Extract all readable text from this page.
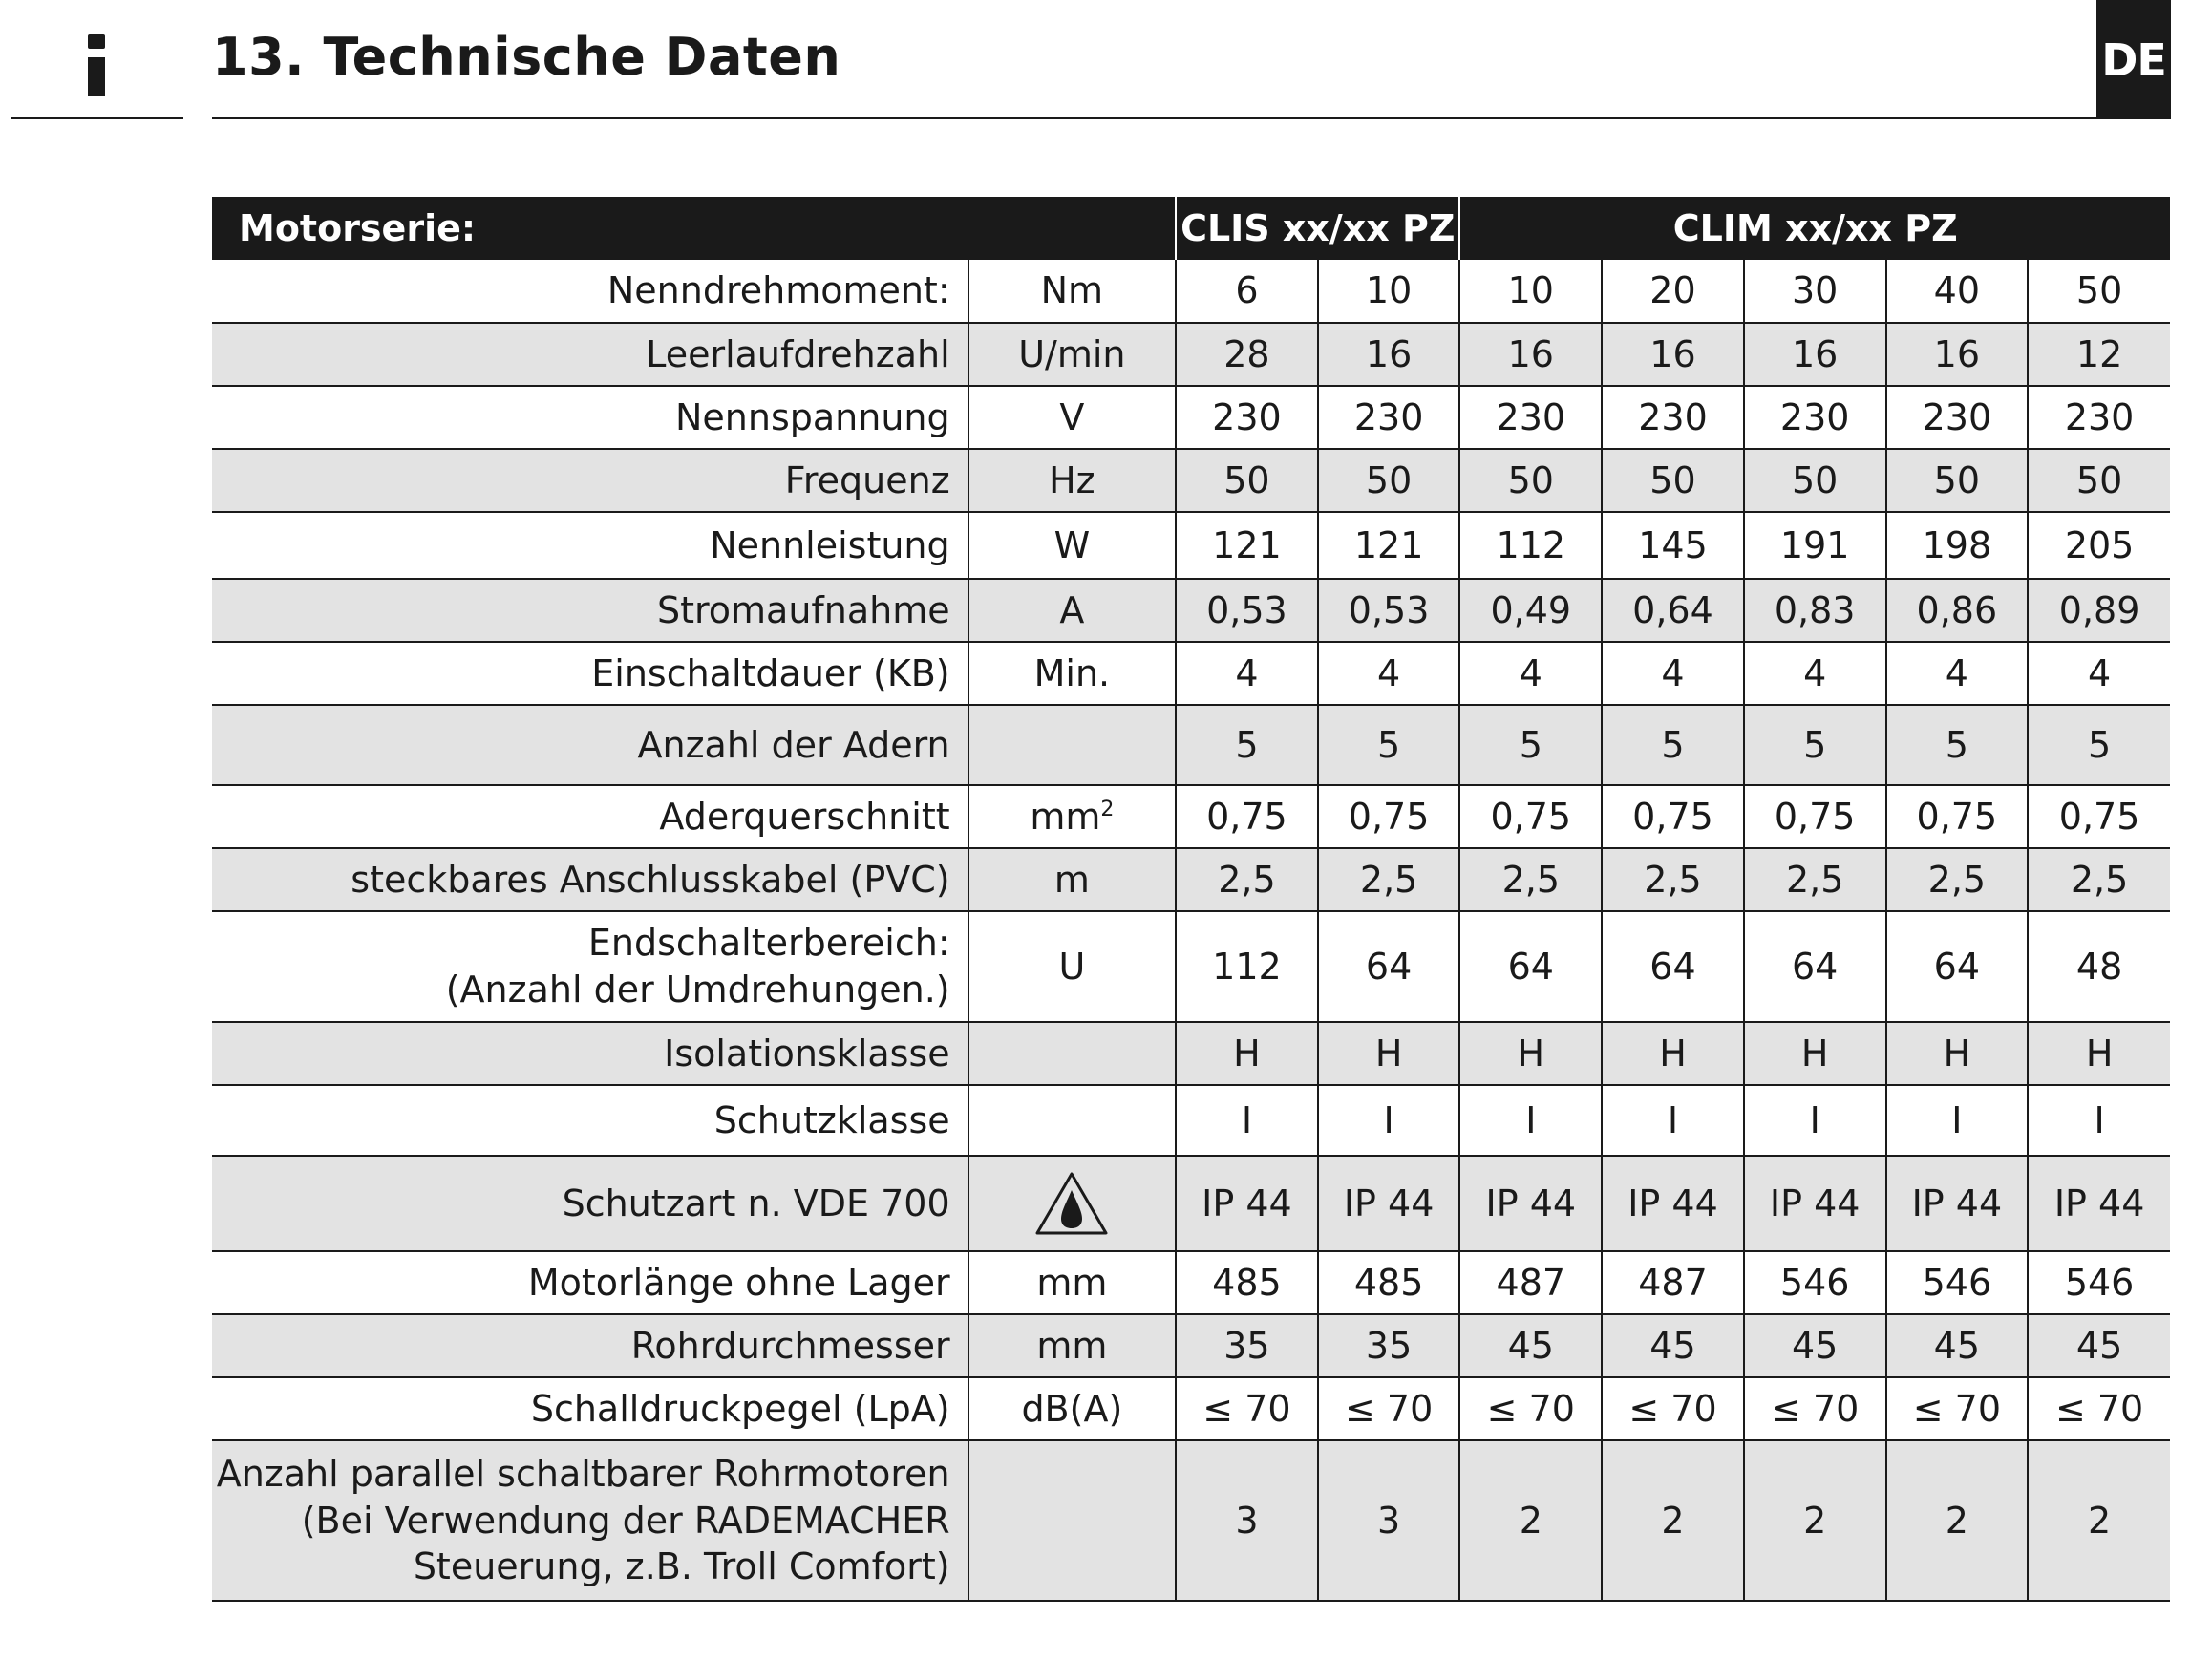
13. Technische Daten	DE
Motorserie:		CLIS xx/xx PZ		CLIM xx/xx PZ				
Nenndrehmoment:	Nm	6	10	10	20	30	40	50
Leerlaufdrehzahl	U/min	28	16	16	16	16	16	12
Nennspannung	V	230	230	230	230	230	230	230
Frequenz	Hz	50	50	50	50	50	50	50
Nennleistung	W	121	121	112	145	191	198	205
Stromaufnahme	A	0,53	0,53	0,49	0,64	0,83	0,86	0,89
Einschaltdauer (KB)	Min.	4	4	4	4	4	4	4
Anzahl der Adern		5	5	5	5	5	5	5
Aderquerschnitt	$mm^2$	0,75	0,75	0,75	0,75	0,75	0,75	0,75
steckbares Anschlusskabel (PVC)	m	2,5	2,5	2,5	2,5	2,5	2,5	2,5
Endschalterbereich:
(Anzahl der Umdrehungen.)	U	112	64	64	64	64	64	48
Isolationsklasse		H	H	H	H	H	H	H
Schutzklasse		I	I	I	I	I	I	I
Schutzart n. VDE 700		IP 44	IP 44	IP 44	IP 44	IP 44	IP 44	IP 44
Motorlänge ohne Lager	mm	485	485	487	487	546	546	546
Rohrdurchmesser	mm	35	35	45	45	45	45	45
Schalldruckpegel (LpA)	dB(A)	≤ 70	≤ 70	≤ 70	≤ 70	≤ 70	≤ 70	≤ 70
Anzahl parallel schaltbarer Rohrmotoren
(Bei Verwendung der RADEMACHER
Steuerung, z.B. Troll Comfort)		3	3	2	2	2	2	2
